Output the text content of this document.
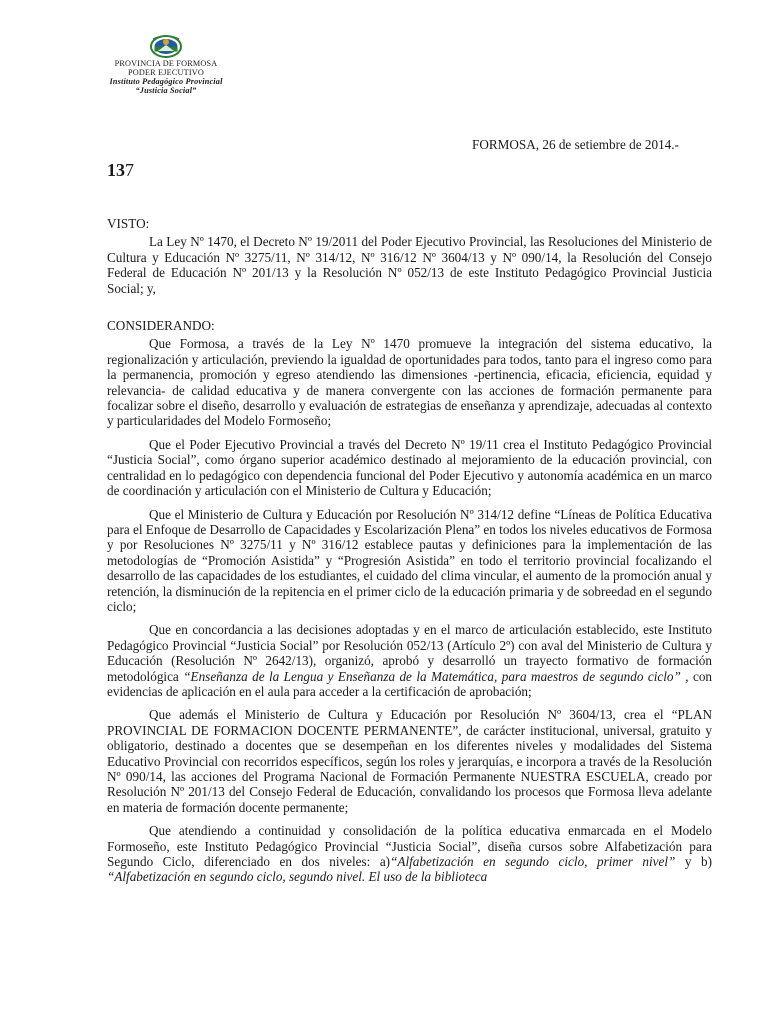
PROVINCIA DE FORMOSA
PODER EJECUTIVO
Instituto Pedagógico Provincial
“Justicia Social”
FORMOSA, 26 de setiembre de 2014.-
137

VISTO:

La Ley Nº 1470, el Decreto Nº 19/2011 del Poder Ejecutivo Provincial, las Resoluciones del Ministerio de Cultura y Educación Nº 3275/11, Nº 314/12, Nº 316/12 Nº 3604/13 y Nº 090/14, la Resolución del Consejo Federal de Educación Nº 201/13 y la Resolución Nº 052/13 de este Instituto Pedagógico Provincial Justicia Social; y,

CONSIDERANDO:

Que Formosa, a través de la Ley Nº 1470 promueve la integración del sistema educativo, la regionalización y articulación, previendo la igualdad de oportunidades para todos, tanto para el ingreso como para la permanencia, promoción y egreso atendiendo las dimensiones -pertinencia, eficacia, eficiencia, equidad y relevancia- de calidad educativa y de manera convergente con las acciones de formación permanente para focalizar sobre el diseño, desarrollo y evaluación de estrategias de enseñanza y aprendizaje, adecuadas al contexto y particularidades del Modelo Formoseño;

Que el Poder Ejecutivo Provincial a través del Decreto Nº 19/11 crea el Instituto Pedagógico Provincial “Justicia Social”, como órgano superior académico destinado al mejoramiento de la educación provincial, con centralidad en lo pedagógico con dependencia funcional del Poder Ejecutivo y autonomía académica en un marco de coordinación y articulación con el Ministerio de Cultura y Educación;

Que el Ministerio de Cultura y Educación por Resolución Nº 314/12 define “Líneas de Política Educativa para el Enfoque de Desarrollo de Capacidades y Escolarización Plena” en todos los niveles educativos de Formosa y por Resoluciones Nº 3275/11 y Nº 316/12 establece pautas y definiciones para la implementación de las metodologías de “Promoción Asistida” y “Progresión Asistida” en todo el territorio provincial focalizando el desarrollo de las capacidades de los estudiantes, el cuidado del clima vincular, el aumento de la promoción anual y retención, la disminución de la repitencia en el primer ciclo de la educación primaria y de sobreedad en el segundo ciclo;

Que en concordancia a las decisiones adoptadas y en el marco de articulación establecido, este Instituto Pedagógico Provincial “Justicia Social” por Resolución 052/13 (Artículo 2º) con aval del Ministerio de Cultura y Educación (Resolución Nº 2642/13), organizó, aprobó y desarrolló un trayecto formativo de formación metodológica “Enseñanza de la Lengua y Enseñanza de la Matemática, para maestros de segundo ciclo” , con evidencias de aplicación en el aula para acceder a la certificación de aprobación;

Que además el Ministerio de Cultura y Educación por Resolución Nº 3604/13, crea el “PLAN PROVINCIAL DE FORMACION DOCENTE PERMANENTE”, de carácter institucional, universal, gratuito y obligatorio, destinado a docentes que se desempeñan en los diferentes niveles y modalidades del Sistema Educativo Provincial con recorridos específicos, según los roles y jerarquías, e incorpora a través de la Resolución Nº 090/14, las acciones del Programa Nacional de Formación Permanente NUESTRA ESCUELA, creado por Resolución Nº 201/13 del Consejo Federal de Educación, convalidando los procesos que Formosa lleva adelante en materia de formación docente permanente;

Que atendiendo a continuidad y consolidación de la política educativa enmarcada en el Modelo Formoseño, este Instituto Pedagógico Provincial “Justicia Social”, diseña cursos sobre Alfabetización para Segundo Ciclo, diferenciado en dos niveles: a)“Alfabetización en segundo ciclo, primer nivel” y b) “Alfabetización en segundo ciclo, segundo nivel. El uso de la biblioteca
